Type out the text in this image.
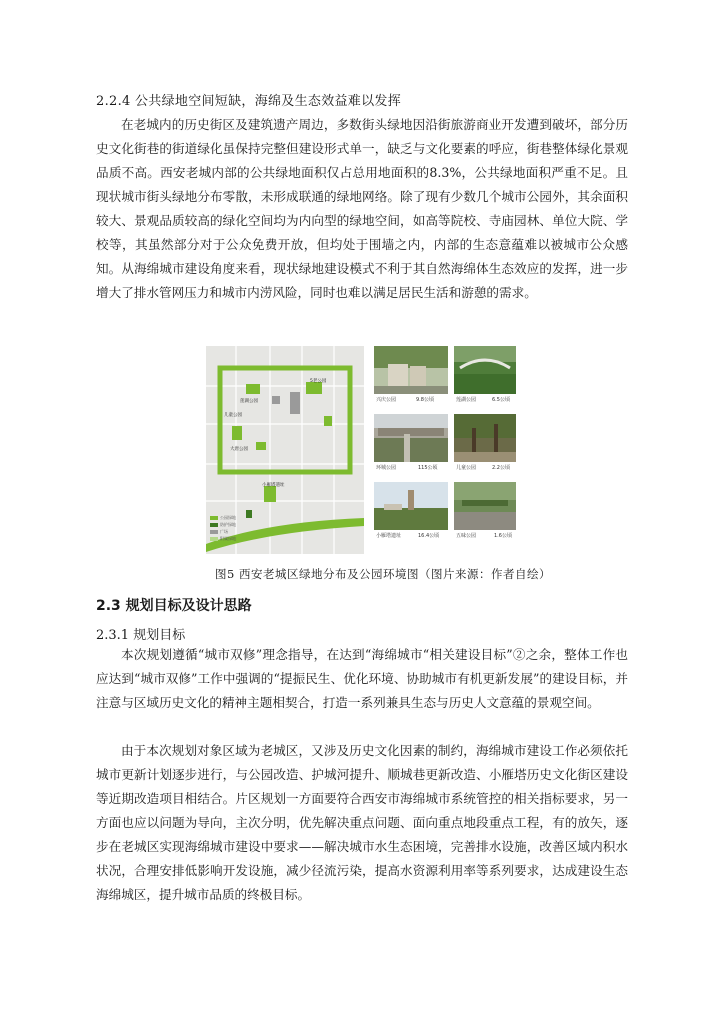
2.2.4 公共绿地空间短缺，海绵及生态效益难以发挥

在老城内的历史街区及建筑遗产周边，多数街头绿地因沿街旅游商业开发遭到破坏，部分历史文化街巷的街道绿化虽保持完整但建设形式单一，缺乏与文化要素的呼应，街巷整体绿化景观品质不高。西安老城内部的公共绿地面积仅占总用地面积的8.3%，公共绿地面积严重不足。且现状城市街头绿地分布零散，未形成联通的绿地网络。除了现有少数几个城市公园外，其余面积较大、景观品质较高的绿化空间均为内向型的绿地空间，如高等院校、寺庙园林、单位大院、学校等，其虽然部分对于公众免费开放，但均处于围墙之内，内部的生态意蕴难以被城市公众感知。从海绵城市建设角度来看，现状绿地建设模式不利于其自然海绵体生态效应的发挥，进一步增大了排水管网压力和城市内涝风险，同时也难以满足居民生活和游憩的需求。

莲湖公园
5老公园
儿童公园
大唐公园
小雁塔遗址
公园绿地
防护绿地
广场
附属绿地
兴庆公园	9.8公顷
环城公园	115公顷
小雁塔遗址	16.4公顷
莲湖公园	6.5公顷
儿童公园	2.2公顷
五味公园	1.6公顷
图5 西安老城区绿地分布及公园环境图（图片来源：作者自绘）
2.3 规划目标及设计思路
2.3.1 规划目标

本次规划遵循“城市双修”理念指导，在达到“海绵城市“相关建设目标”②之余，整体工作也应达到“城市双修”工作中强调的“提振民生、优化环境、协助城市有机更新发展”的建设目标，并注意与区域历史文化的精神主题相契合，打造一系列兼具生态与历史人文意蕴的景观空间。

由于本次规划对象区域为老城区，又涉及历史文化因素的制约，海绵城市建设工作必须依托城市更新计划逐步进行，与公园改造、护城河提升、顺城巷更新改造、小雁塔历史文化街区建设等近期改造项目相结合。片区规划一方面要符合西安市海绵城市系统管控的相关指标要求，另一方面也应以问题为导向，主次分明，优先解决重点问题、面向重点地段重点工程，有的放矢，逐步在老城区实现海绵城市建设中要求——解决城市水生态困境，完善排水设施，改善区域内积水状况，合理安排低影响开发设施，减少径流污染，提高水资源利用率等系列要求，达成建设生态海绵城区，提升城市品质的终极目标。
